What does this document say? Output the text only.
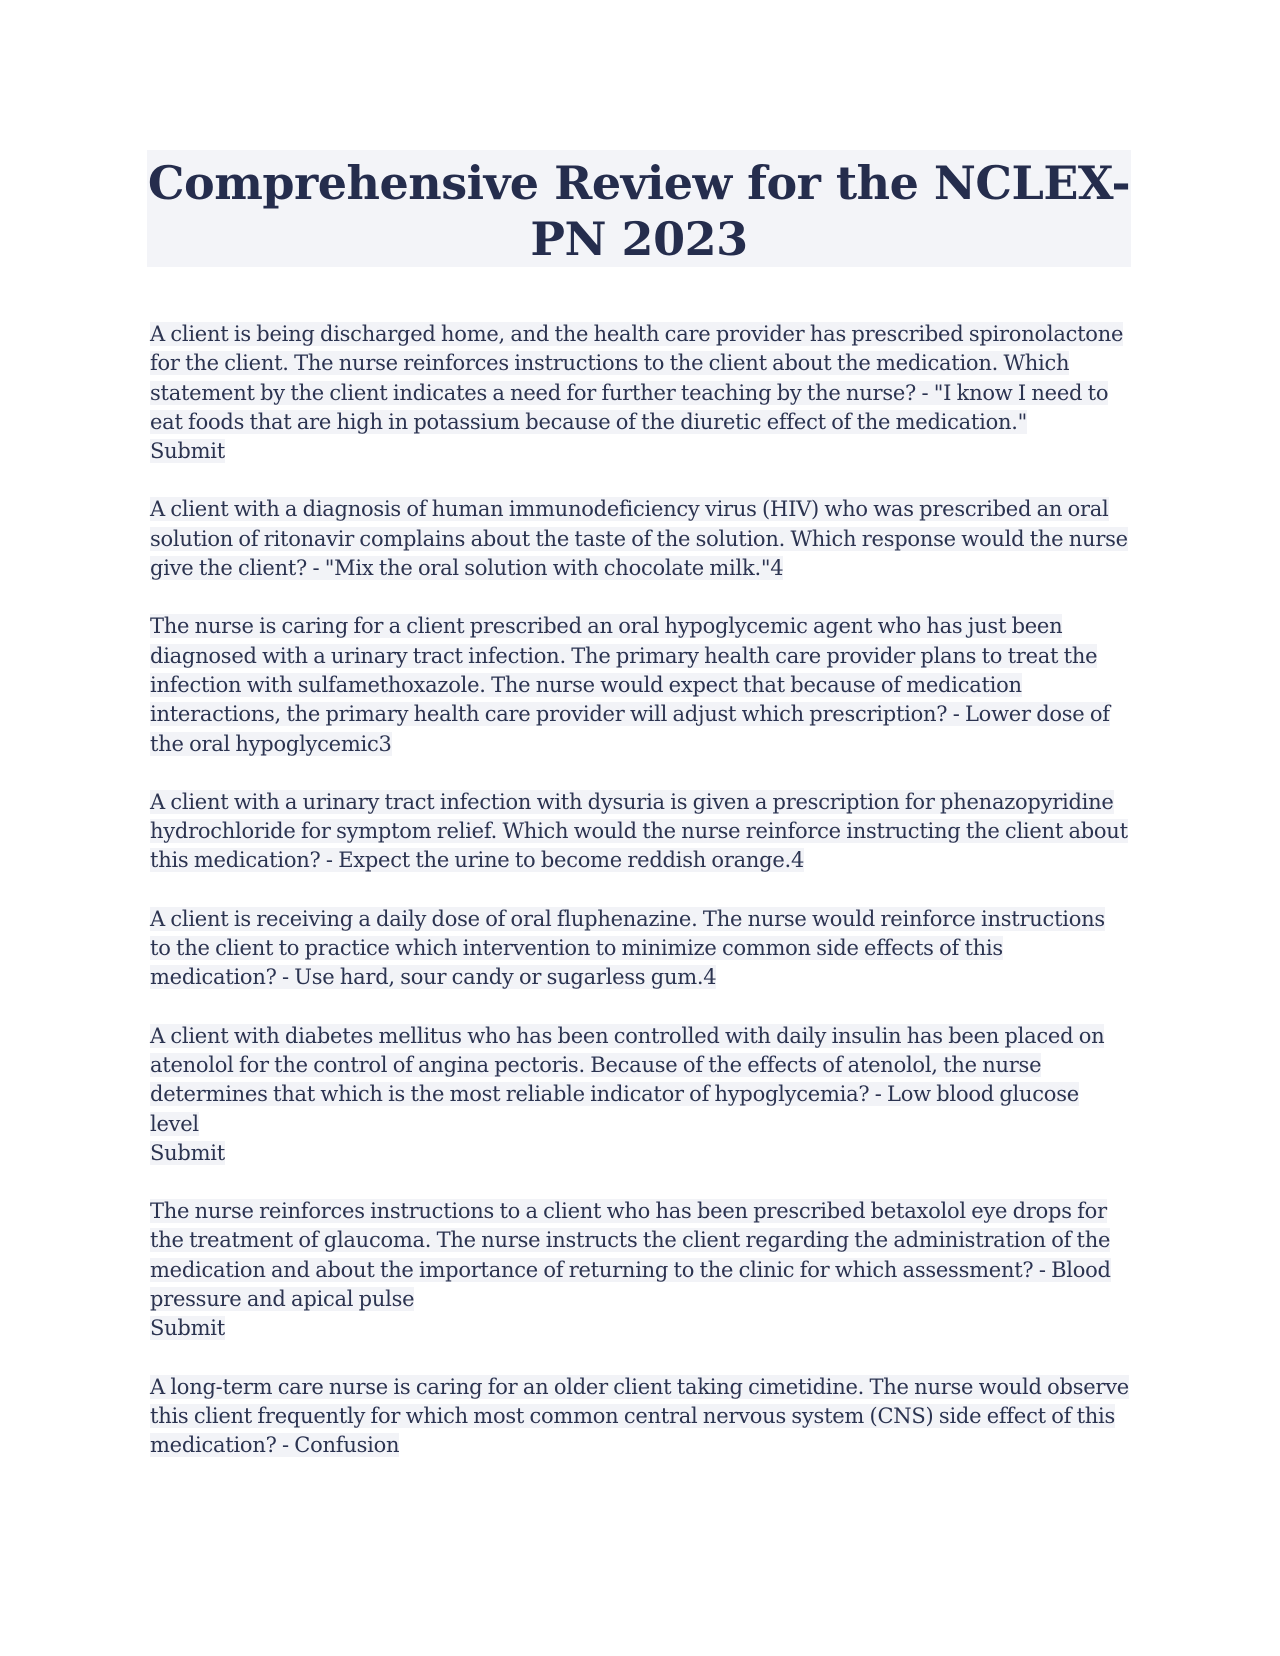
Comprehensive Review for the NCLEX-PN 2023

A client is being discharged home, and the health care provider has prescribed spironolactone for the client. The nurse reinforces instructions to the client about the medication. Which statement by the client indicates a need for further teaching by the nurse? - "I know I need to eat foods that are high in potassium because of the diuretic effect of the medication."
Submit

A client with a diagnosis of human immunodeficiency virus (HIV) who was prescribed an oral solution of ritonavir complains about the taste of the solution. Which response would the nurse give the client? - "Mix the oral solution with chocolate milk."4

The nurse is caring for a client prescribed an oral hypoglycemic agent who has just been diagnosed with a urinary tract infection. The primary health care provider plans to treat the infection with sulfamethoxazole. The nurse would expect that because of medication interactions, the primary health care provider will adjust which prescription? - Lower dose of the oral hypoglycemic3

A client with a urinary tract infection with dysuria is given a prescription for phenazopyridine hydrochloride for symptom relief. Which would the nurse reinforce instructing the client about this medication? - Expect the urine to become reddish orange.4

A client is receiving a daily dose of oral fluphenazine. The nurse would reinforce instructions to the client to practice which intervention to minimize common side effects of this medication? - Use hard, sour candy or sugarless gum.4

A client with diabetes mellitus who has been controlled with daily insulin has been placed on atenolol for the control of angina pectoris. Because of the effects of atenolol, the nurse determines that which is the most reliable indicator of hypoglycemia? - Low blood glucose level
Submit

The nurse reinforces instructions to a client who has been prescribed betaxolol eye drops for the treatment of glaucoma. The nurse instructs the client regarding the administration of the medication and about the importance of returning to the clinic for which assessment? - Blood pressure and apical pulse
Submit

A long-term care nurse is caring for an older client taking cimetidine. The nurse would observe this client frequently for which most common central nervous system (CNS) side effect of this medication? - Confusion
